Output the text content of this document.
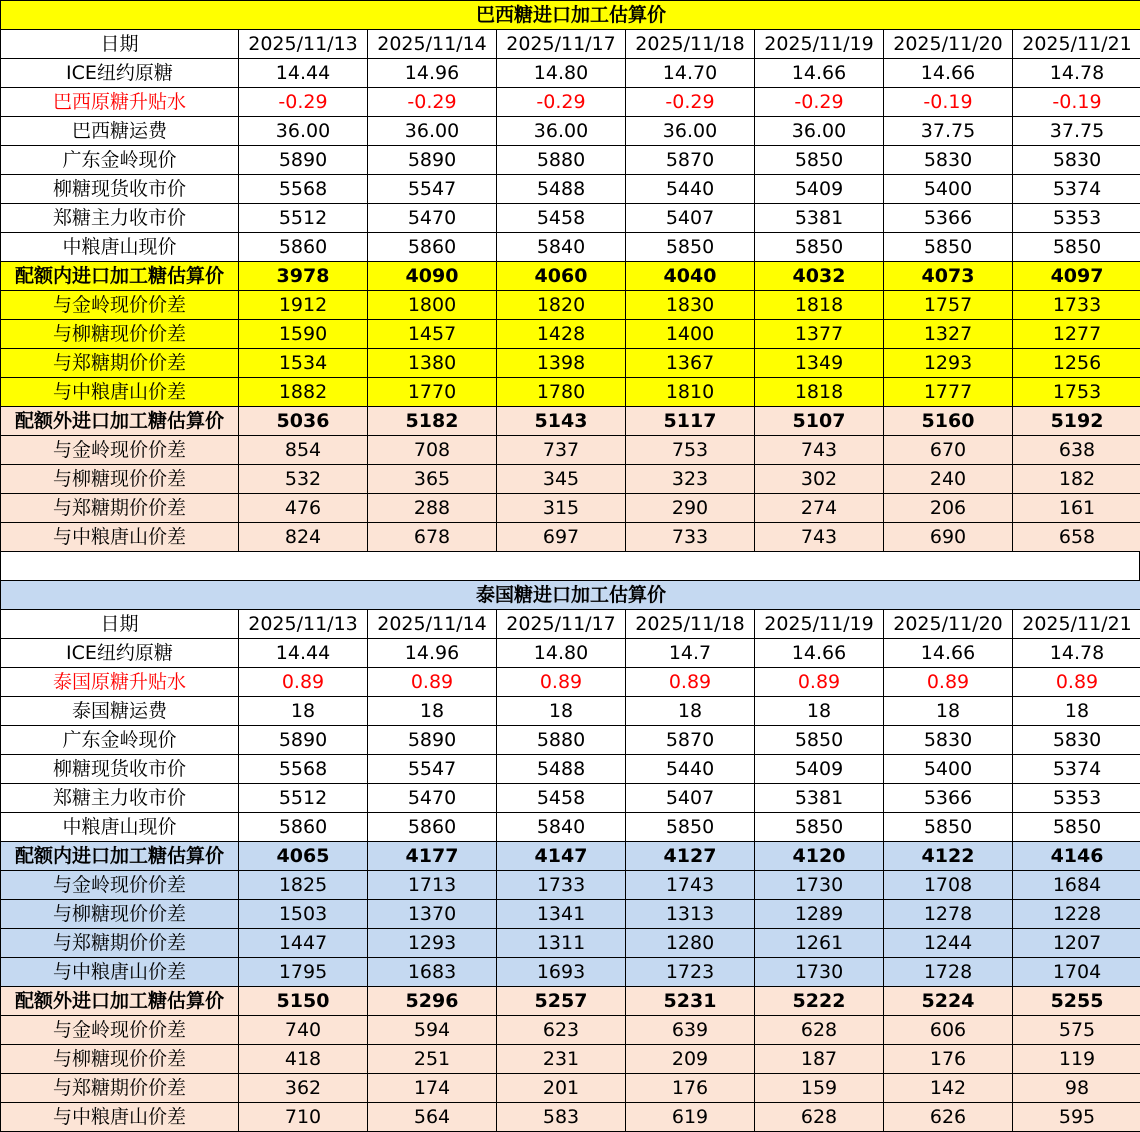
巴西糖进口加工估算价							
日期	2025/11/13	2025/11/14	2025/11/17	2025/11/18	2025/11/19	2025/11/20	2025/11/21
ICE纽约原糖	14.44	14.96	14.80	14.70	14.66	14.66	14.78
巴西原糖升贴水	-0.29	-0.29	-0.29	-0.29	-0.29	-0.19	-0.19
巴西糖运费	36.00	36.00	36.00	36.00	36.00	37.75	37.75
广东金岭现价	5890	5890	5880	5870	5850	5830	5830
柳糖现货收市价	5568	5547	5488	5440	5409	5400	5374
郑糖主力收市价	5512	5470	5458	5407	5381	5366	5353
中粮唐山现价	5860	5860	5840	5850	5850	5850	5850
配额内进口加工糖估算价	3978	4090	4060	4040	4032	4073	4097
与金岭现价价差	1912	1800	1820	1830	1818	1757	1733
与柳糖现价价差	1590	1457	1428	1400	1377	1327	1277
与郑糖期价价差	1534	1380	1398	1367	1349	1293	1256
与中粮唐山价差	1882	1770	1780	1810	1818	1777	1753
配额外进口加工糖估算价	5036	5182	5143	5117	5107	5160	5192
与金岭现价价差	854	708	737	753	743	670	638
与柳糖现价价差	532	365	345	323	302	240	182
与郑糖期价价差	476	288	315	290	274	206	161
与中粮唐山价差	824	678	697	733	743	690	658
泰国糖进口加工估算价							
日期	2025/11/13	2025/11/14	2025/11/17	2025/11/18	2025/11/19	2025/11/20	2025/11/21
ICE纽约原糖	14.44	14.96	14.80	14.7	14.66	14.66	14.78
泰国原糖升贴水	0.89	0.89	0.89	0.89	0.89	0.89	0.89
泰国糖运费	18	18	18	18	18	18	18
广东金岭现价	5890	5890	5880	5870	5850	5830	5830
柳糖现货收市价	5568	5547	5488	5440	5409	5400	5374
郑糖主力收市价	5512	5470	5458	5407	5381	5366	5353
中粮唐山现价	5860	5860	5840	5850	5850	5850	5850
配额内进口加工糖估算价	4065	4177	4147	4127	4120	4122	4146
与金岭现价价差	1825	1713	1733	1743	1730	1708	1684
与柳糖现价价差	1503	1370	1341	1313	1289	1278	1228
与郑糖期价价差	1447	1293	1311	1280	1261	1244	1207
与中粮唐山价差	1795	1683	1693	1723	1730	1728	1704
配额外进口加工糖估算价	5150	5296	5257	5231	5222	5224	5255
与金岭现价价差	740	594	623	639	628	606	575
与柳糖现价价差	418	251	231	209	187	176	119
与郑糖期价价差	362	174	201	176	159	142	98
与中粮唐山价差	710	564	583	619	628	626	595
